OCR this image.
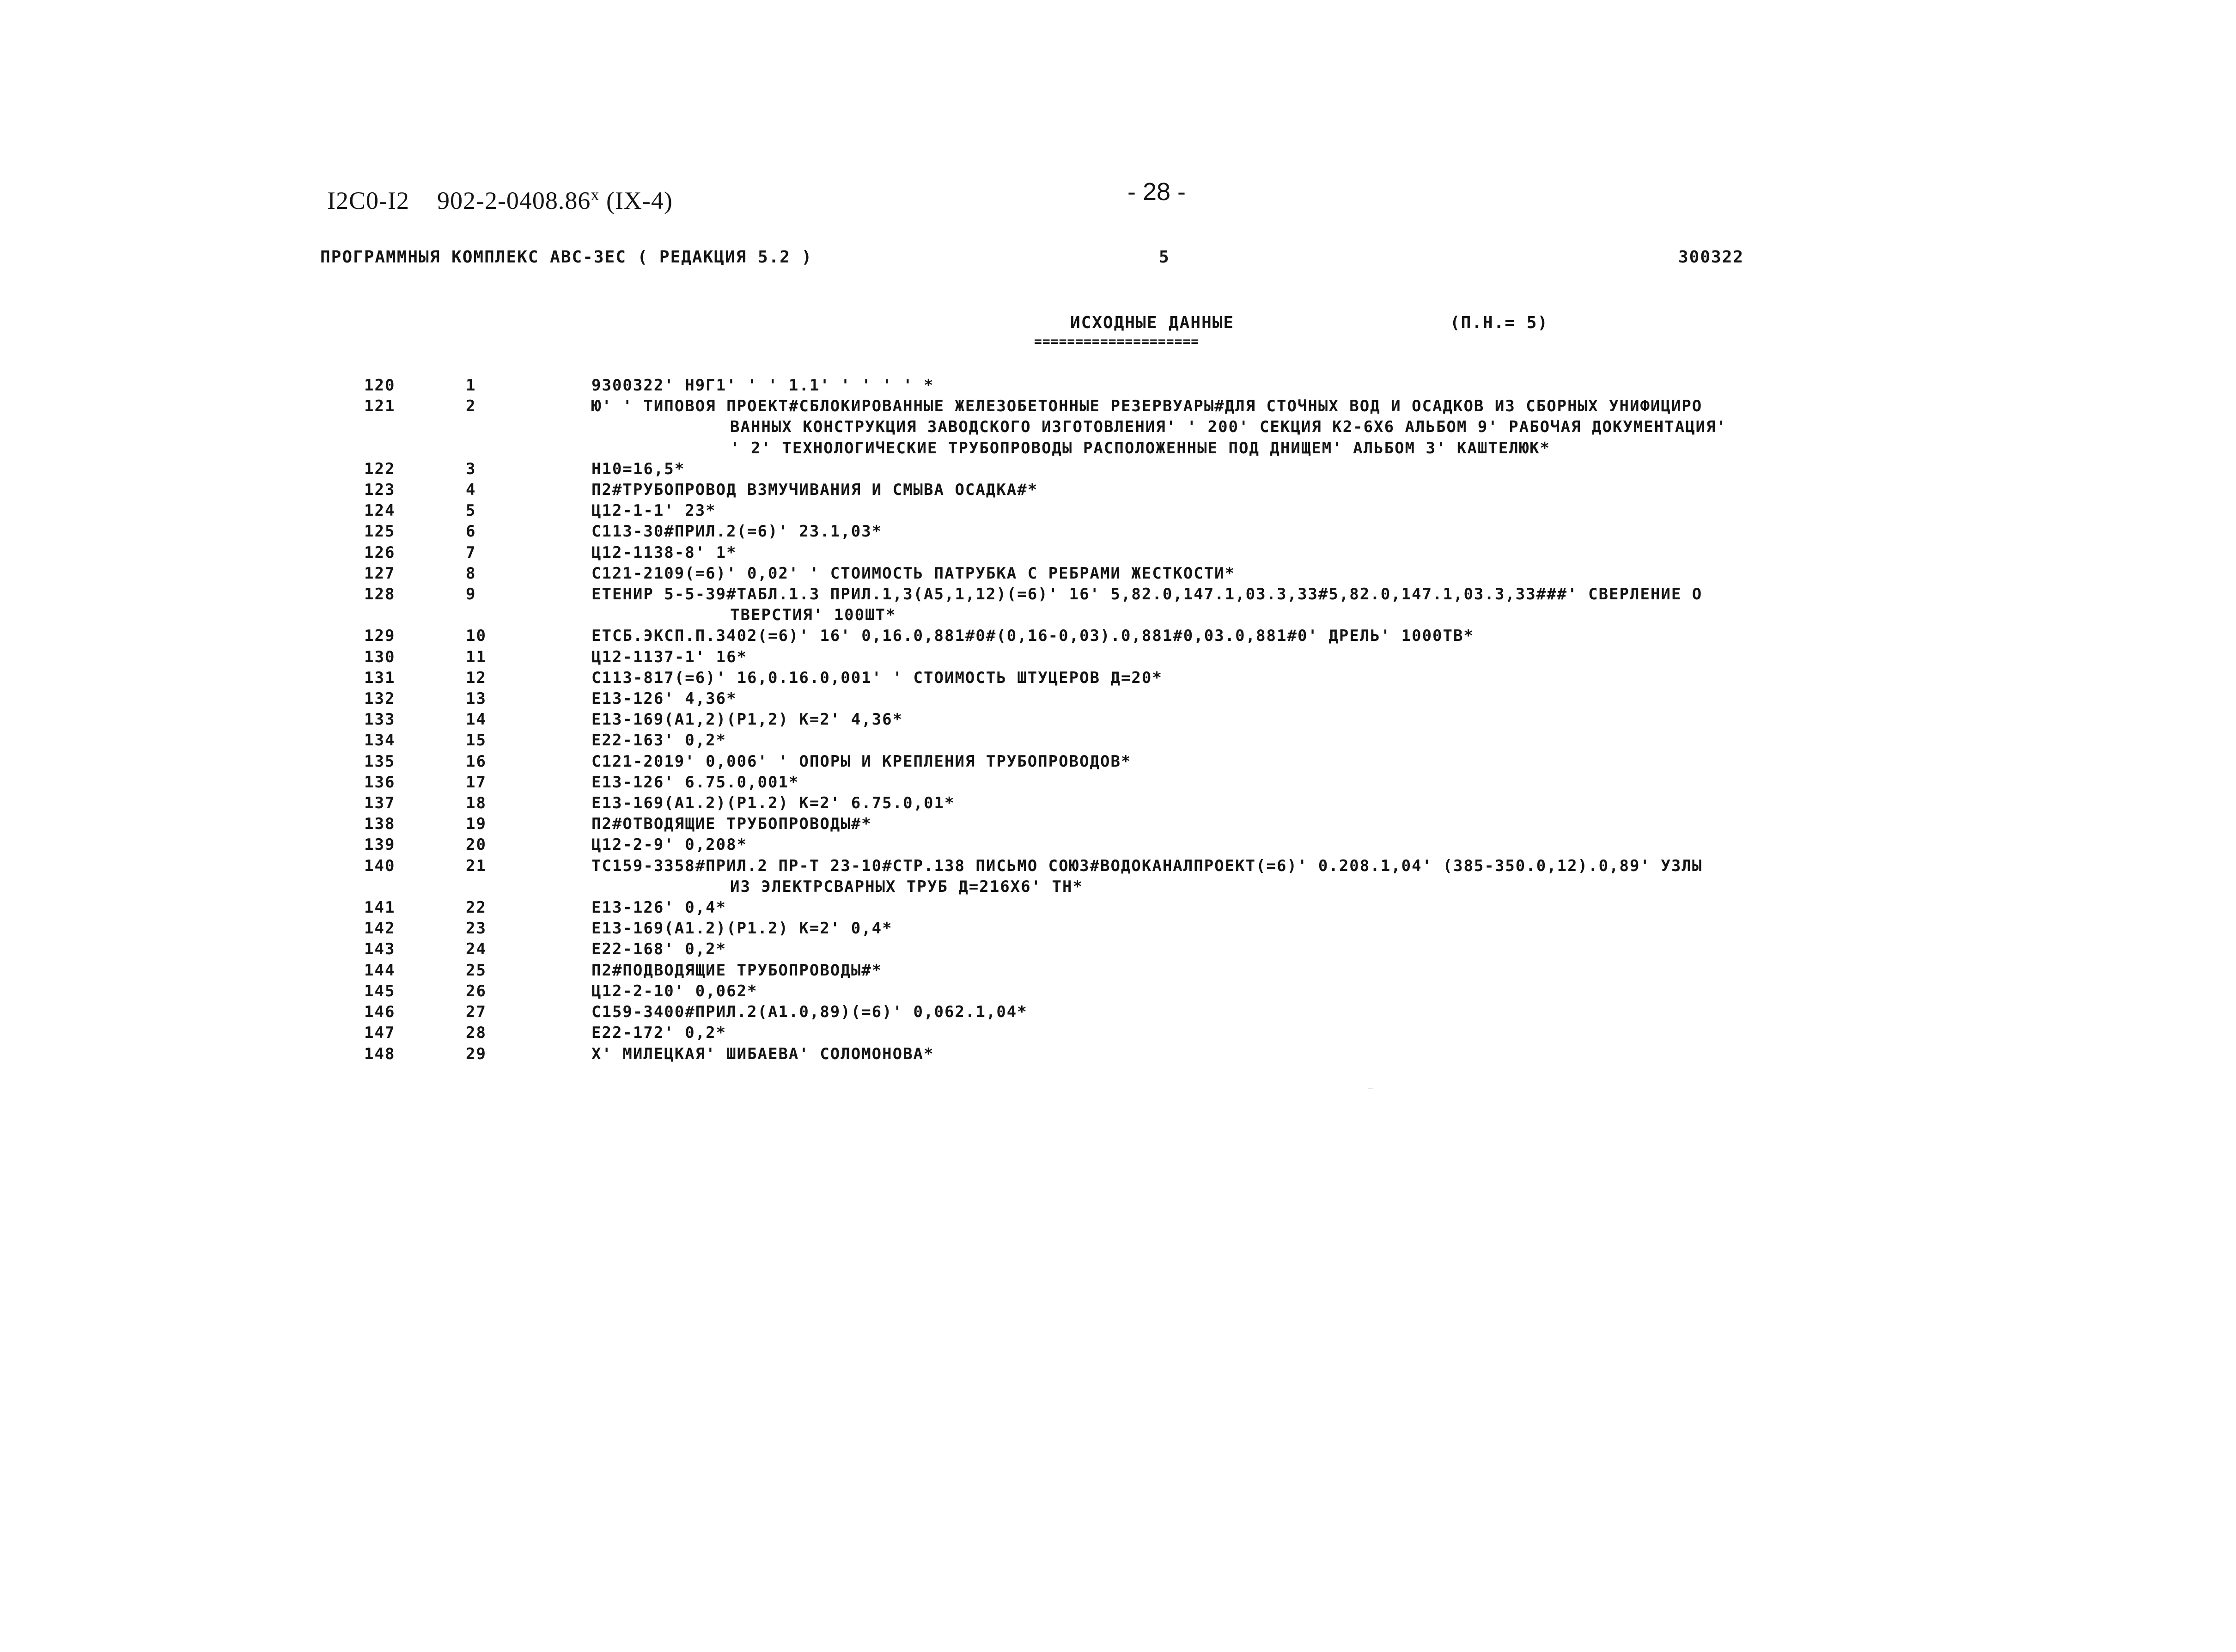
I2C0-I2 902-2-0408.86$^x$ (IX-4)	- 28 -
ПРОГРАММНЫЯ КОМПЛЕКС АВС-3ЕС ( РЕДАКЦИЯ 5.2 )	5	300322
ИСХОДНЫЕ ДАННЫЕ
====================
(П.Н.= 5)
120	1	9300322' Н9Г1' ' ' 1.1' ' ' ' ' *
121	2	Ю' ' ТИПОВОЯ ПРОЕКТ#СБЛОКИРОВАННЫЕ ЖЕЛЕЗОБЕТОННЫЕ РЕЗЕРВУАРЫ#ДЛЯ СТОЧНЫХ ВОД И ОСАДКОВ ИЗ СБОРНЫХ УНИФИЦИРО
ВАННЫХ КОНСТРУКЦИЯ ЗАВОДСКОГО ИЗГОТОВЛЕНИЯ' ' 200' СЕКЦИЯ К2-6Х6 АЛЬБОМ 9' РАБОЧАЯ ДОКУМЕНТАЦИЯ'
' 2' ТЕХНОЛОГИЧЕСКИЕ ТРУБОПРОВОДЫ РАСПОЛОЖЕННЫЕ ПОД ДНИЩЕМ' АЛЬБОМ 3' КАШТЕЛЮК*
122	3	Н10=16,5*
123	4	П2#ТРУБОПРОВОД ВЗМУЧИВАНИЯ И СМЫВА ОСАДКА#*
124	5	Ц12-1-1' 23*
125	6	С113-30#ПРИЛ.2(=6)' 23.1,03*
126	7	Ц12-1138-8' 1*
127	8	С121-2109(=6)' 0,02' ' СТОИМОСТЬ ПАТРУБКА С РЕБРАМИ ЖЕСТКОСТИ*
128	9	ЕТЕНИР 5-5-39#ТАБЛ.1.3 ПРИЛ.1,3(А5,1,12)(=6)' 16' 5,82.0,147.1,03.3,33#5,82.0,147.1,03.3,33###' СВЕРЛЕНИЕ О
ТВЕРСТИЯ' 100ШТ*
129	10	ЕТСБ.ЭКСП.П.3402(=6)' 16' 0,16.0,881#0#(0,16-0,03).0,881#0,03.0,881#0' ДРЕЛЬ' 1000ТВ*
130	11	Ц12-1137-1' 16*
131	12	С113-817(=6)' 16,0.16.0,001' ' СТОИМОСТЬ ШТУЦЕРОВ Д=20*
132	13	Е13-126' 4,36*
133	14	Е13-169(А1,2)(Р1,2) К=2' 4,36*
134	15	Е22-163' 0,2*
135	16	С121-2019' 0,006' ' ОПОРЫ И КРЕПЛЕНИЯ ТРУБОПРОВОДОВ*
136	17	Е13-126' 6.75.0,001*
137	18	Е13-169(А1.2)(Р1.2) К=2' 6.75.0,01*
138	19	П2#ОТВОДЯЩИЕ ТРУБОПРОВОДЫ#*
139	20	Ц12-2-9' 0,208*
140	21	ТС159-3358#ПРИЛ.2 ПР-Т 23-10#СТР.138 ПИСЬМО СОЮЗ#ВОДОКАНАЛПРОЕКТ(=6)' 0.208.1,04' (385-350.0,12).0,89' УЗЛЫ
ИЗ ЭЛЕКТРСВАРНЫХ ТРУБ Д=216Х6' ТН*
141	22	Е13-126' 0,4*
142	23	Е13-169(А1.2)(Р1.2) К=2' 0,4*
143	24	Е22-168' 0,2*
144	25	П2#ПОДВОДЯЩИЕ ТРУБОПРОВОДЫ#*
145	26	Ц12-2-10' 0,062*
146	27	С159-3400#ПРИЛ.2(А1.0,89)(=6)' 0,062.1,04*
147	28	Е22-172' 0,2*
148	29	Х' МИЛЕЦКАЯ' ШИБАЕВА' СОЛОМОНОВА*
